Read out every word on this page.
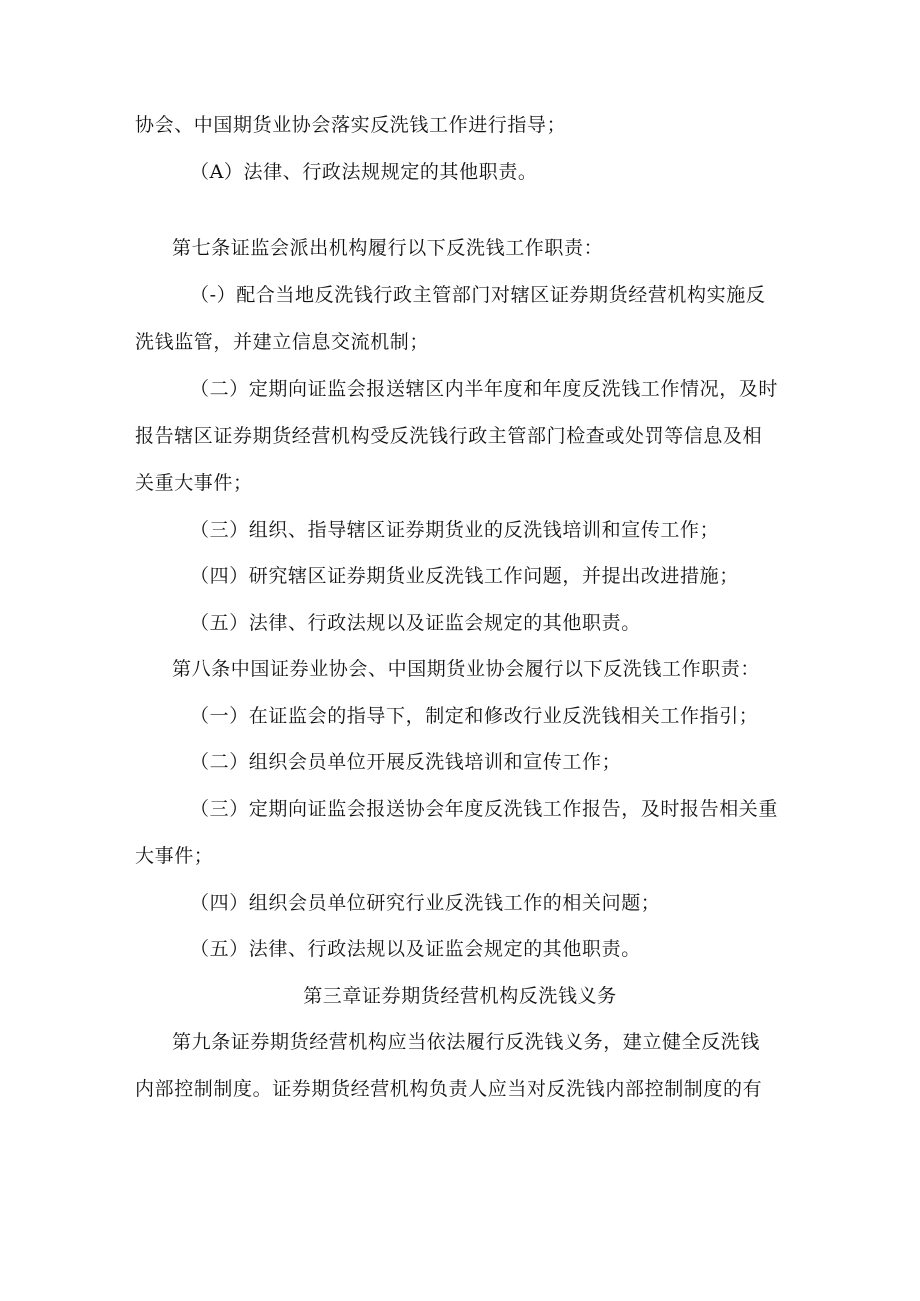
协会、中国期货业协会落实反洗钱工作进行指导；
（A）法律、行政法规规定的其他职责。
第七条证监会派出机构履行以下反洗钱工作职责：
（-）配合当地反洗钱行政主管部门对辖区证券期货经营机构实施反
洗钱监管，并建立信息交流机制；
（二）定期向证监会报送辖区内半年度和年度反洗钱工作情况，及时
报告辖区证券期货经营机构受反洗钱行政主管部门检查或处罚等信息及相
关重大事件；
（三）组织、指导辖区证券期货业的反洗钱培训和宣传工作；
（四）研究辖区证券期货业反洗钱工作问题，并提出改进措施；
（五）法律、行政法规以及证监会规定的其他职责。
第八条中国证券业协会、中国期货业协会履行以下反洗钱工作职责：
（一）在证监会的指导下，制定和修改行业反洗钱相关工作指引；
（二）组织会员单位开展反洗钱培训和宣传工作；
（三）定期向证监会报送协会年度反洗钱工作报告，及时报告相关重
大事件；
（四）组织会员单位研究行业反洗钱工作的相关问题；
（五）法律、行政法规以及证监会规定的其他职责。
第三章证券期货经营机构反洗钱义务
第九条证券期货经营机构应当依法履行反洗钱义务，建立健全反洗钱
内部控制制度。证券期货经营机构负责人应当对反洗钱内部控制制度的有
